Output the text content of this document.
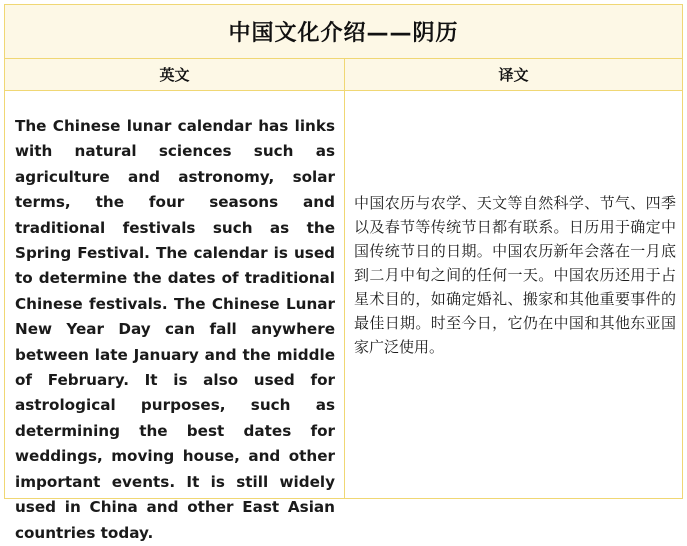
中国文化介绍——阴历
英文	译文
The Chinese lunar calendar has links with natural sciences such as agriculture and astronomy, solar terms, the four seasons and traditional festivals such as the Spring Festival. The calendar is used to determine the dates of traditional Chinese festivals. The Chinese Lunar New Year Day can fall anywhere between late January and the middle of February. It is also used for astrological purposes, such as determining the best dates for weddings, moving house, and other important events. It is still widely used in China and other East Asian countries today.
中国农历与农学、天文等自然科学、节气、四季以及春节等传统节日都有联系。日历用于确定中国传统节日的日期。中国农历新年会落在一月底到二月中旬之间的任何一天。中国农历还用于占星术目的，如确定婚礼、搬家和其他重要事件的最佳日期。时至今日，它仍在中国和其他东亚国家广泛使用。
